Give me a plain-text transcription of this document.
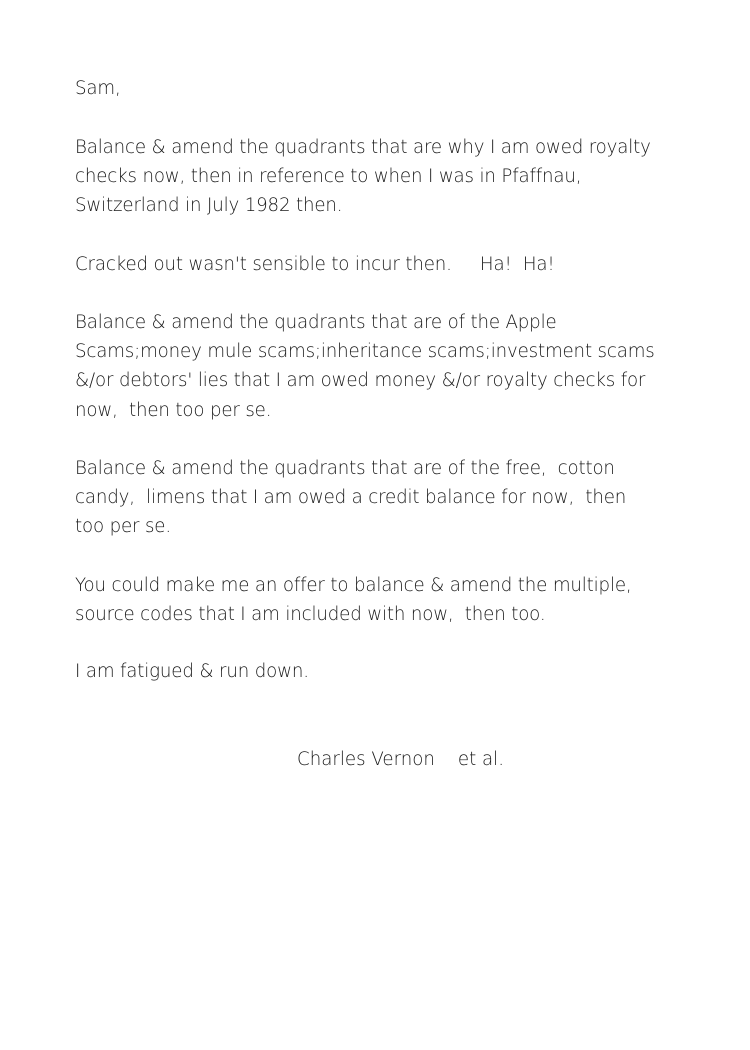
Sam,

Balance & amend the quadrants that are why I am owed royalty
checks now, then in reference to when I was in Pfaffnau,
Switzerland in July 1982 then.

Cracked out wasn't sensible to incur then.     Ha!  Ha!

Balance & amend the quadrants that are of the Apple
Scams;money mule scams;inheritance scams;investment scams
&/or debtors' lies that I am owed money &/or royalty checks for
now,  then too per se.

Balance & amend the quadrants that are of the free,  cotton
candy,  limens that I am owed a credit balance for now,  then
too per se.

You could make me an offer to balance & amend the multiple,
source codes that I am included with now,  then too.

I am fatigued & run down.

Charles Vernon et al.
